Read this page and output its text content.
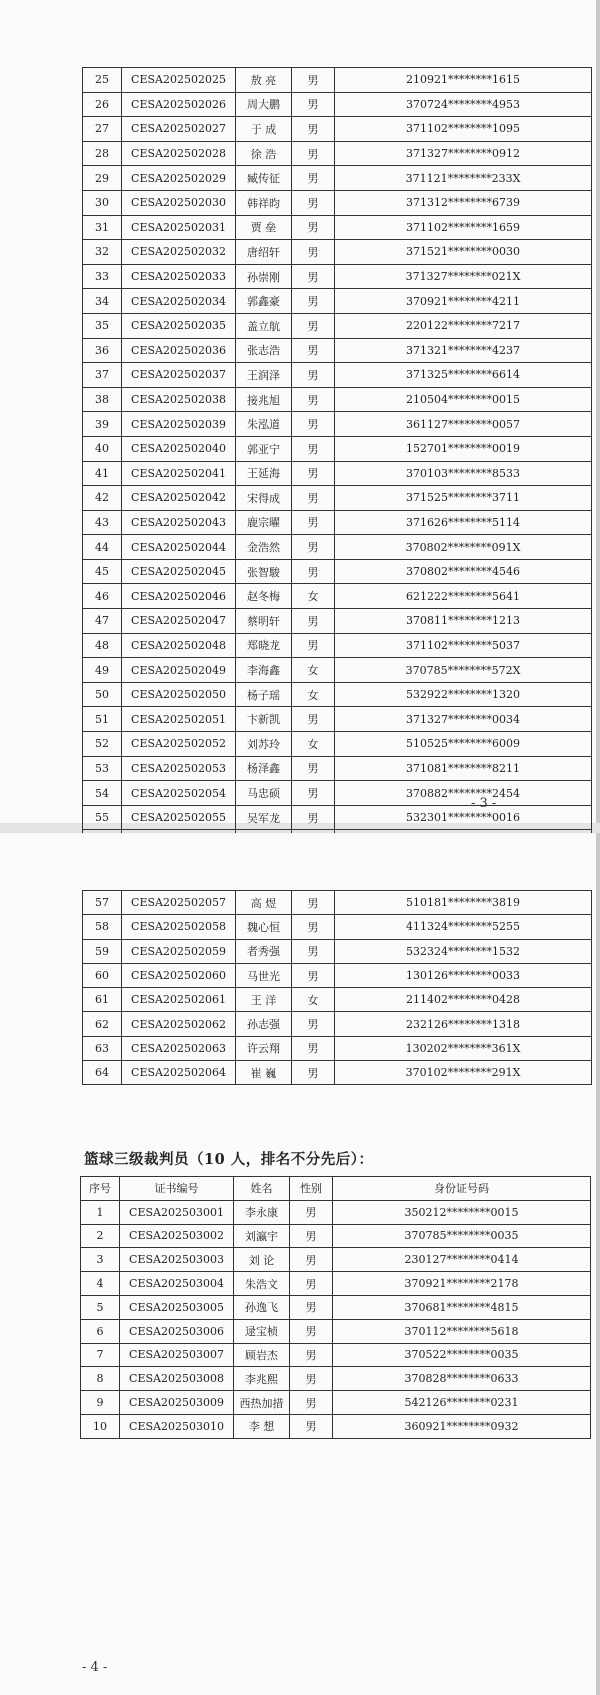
25	CESA202502025	敖 亮	男	210921********1615
26	CESA202502026	周大鹏	男	370724********4953
27	CESA202502027	于 成	男	371102********1095
28	CESA202502028	徐 浩	男	371327********0912
29	CESA202502029	臧传征	男	371121********233X
30	CESA202502030	韩祥昀	男	371312********6739
31	CESA202502031	贾 垒	男	371102********1659
32	CESA202502032	唐绍轩	男	371521********0030
33	CESA202502033	孙崇刚	男	371327********021X
34	CESA202502034	郭鑫豪	男	370921********4211
35	CESA202502035	盖立航	男	220122********7217
36	CESA202502036	张志浩	男	371321********4237
37	CESA202502037	王润泽	男	371325********6614
38	CESA202502038	接兆旭	男	210504********0015
39	CESA202502039	朱泓道	男	361127********0057
40	CESA202502040	郭亚宁	男	152701********0019
41	CESA202502041	王延海	男	370103********8533
42	CESA202502042	宋得成	男	371525********3711
43	CESA202502043	鹿宗曜	男	371626********5114
44	CESA202502044	金浩然	男	370802********091X
45	CESA202502045	张智駿	男	370802********4546
46	CESA202502046	赵冬梅	女	621222********5641
47	CESA202502047	蔡明轩	男	370811********1213
48	CESA202502048	郑晓龙	男	371102********5037
49	CESA202502049	李海鑫	女	370785********572X
50	CESA202502050	杨子瑶	女	532922********1320
51	CESA202502051	卞新凯	男	371327********0034
52	CESA202502052	刘苏玲	女	510525********6009
53	CESA202502053	杨泽鑫	男	371081********8211
54	CESA202502054	马忠硕	男	370882********2454
55	CESA202502055	吴军龙	男	532301********0016

- 3 -
57	CESA202502057	高 煜	男	510181********3819
58	CESA202502058	魏心恒	男	411324********5255
59	CESA202502059	者秀强	男	532324********1532
60	CESA202502060	马世光	男	130126********0033
61	CESA202502061	王 洋	女	211402********0428
62	CESA202502062	孙志强	男	232126********1318
63	CESA202502063	许云翔	男	130202********361X
64	CESA202502064	崔 巍	男	370102********291X
篮球三级裁判员（10 人，排名不分先后）：
序号	证书编号	姓名	性别	身份证号码
1	CESA202503001	李永康	男	350212********0015
2	CESA202503002	刘瀛宇	男	370785********0035
3	CESA202503003	刘 论	男	230127********0414
4	CESA202503004	朱浩文	男	370921********2178
5	CESA202503005	孙逸飞	男	370681********4815
6	CESA202503006	逯宝桢	男	370112********5618
7	CESA202503007	顾岩杰	男	370522********0035
8	CESA202503008	李兆熙	男	370828********0633
9	CESA202503009	西热加措	男	542126********0231
10	CESA202503010	李 想	男	360921********0932
- 4 -
